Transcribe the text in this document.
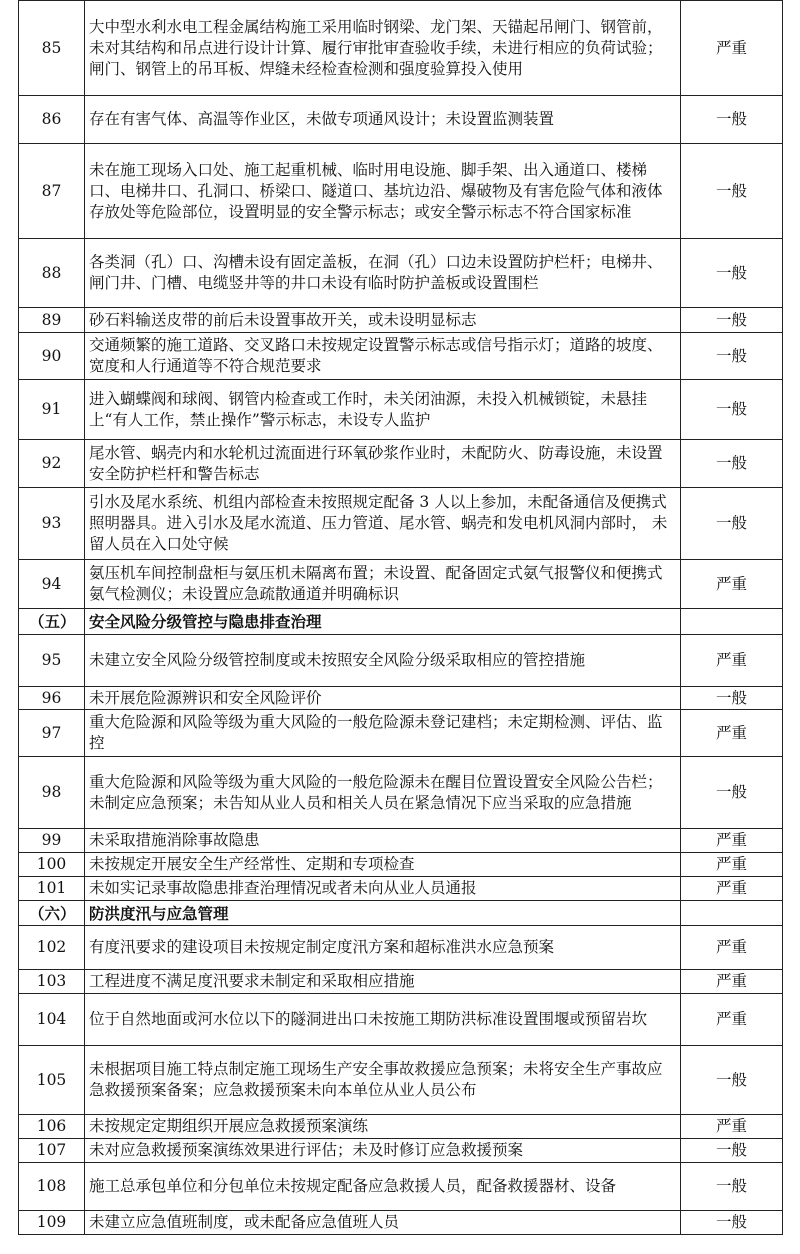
85	大中型水利水电工程金属结构施工采用临时钢梁、龙门架、天锚起吊闸门、钢管前，未对其结构和吊点进行设计计算、履行审批审查验收手续，未进行相应的负荷试验；闸门、钢管上的吊耳板、焊缝未经检查检测和强度验算投入使用	严重
86	存在有害气体、高温等作业区，未做专项通风设计；未设置监测装置	一般
87	未在施工现场入口处、施工起重机械、临时用电设施、脚手架、出入通道口、楼梯口、电梯井口、孔洞口、桥梁口、隧道口、基坑边沿、爆破物及有害危险气体和液体存放处等危险部位，设置明显的安全警示标志；或安全警示标志不符合国家标准	一般
88	各类洞（孔）口、沟槽未设有固定盖板，在洞（孔）口边未设置防护栏杆；电梯井、闸门井、门槽、电缆竖井等的井口未设有临时防护盖板或设置围栏	一般
89	砂石料输送皮带的前后未设置事故开关，或未设明显标志	一般
90	交通频繁的施工道路、交叉路口未按规定设置警示标志或信号指示灯；道路的坡度、宽度和人行通道等不符合规范要求	一般
91	进入蝴蝶阀和球阀、钢管内检查或工作时，未关闭油源，未投入机械锁锭，未悬挂上“有人工作，禁止操作”警示标志，未设专人监护	一般
92	尾水管、蜗壳内和水轮机过流面进行环氧砂浆作业时，未配防火、防毒设施，未设置安全防护栏杆和警告标志	一般
93	引水及尾水系统、机组内部检查未按照规定配备 3 人以上参加，未配备通信及便携式照明器具。进入引水及尾水流道、压力管道、尾水管、蜗壳和发电机风洞内部时， 未留人员在入口处守候	一般
94	氨压机车间控制盘柜与氨压机未隔离布置；未设置、配备固定式氨气报警仪和便携式氨气检测仪；未设置应急疏散通道并明确标识	严重
（五）	安全风险分级管控与隐患排查治理	
95	未建立安全风险分级管控制度或未按照安全风险分级采取相应的管控措施	严重
96	未开展危险源辨识和安全风险评价	一般
97	重大危险源和风险等级为重大风险的一般危险源未登记建档；未定期检测、评估、监控	严重
98	重大危险源和风险等级为重大风险的一般危险源未在醒目位置设置安全风险公告栏；未制定应急预案；未告知从业人员和相关人员在紧急情况下应当采取的应急措施	一般
99	未采取措施消除事故隐患	严重
100	未按规定开展安全生产经常性、定期和专项检查	严重
101	未如实记录事故隐患排查治理情况或者未向从业人员通报	严重
（六）	防洪度汛与应急管理	
102	有度汛要求的建设项目未按规定制定度汛方案和超标准洪水应急预案	严重
103	工程进度不满足度汛要求未制定和采取相应措施	严重
104	位于自然地面或河水位以下的隧洞进出口未按施工期防洪标准设置围堰或预留岩坎	严重
105	未根据项目施工特点制定施工现场生产安全事故救援应急预案；未将安全生产事故应急救援预案备案；应急救援预案未向本单位从业人员公布	一般
106	未按规定定期组织开展应急救援预案演练	严重
107	未对应急救援预案演练效果进行评估；未及时修订应急救援预案	一般
108	施工总承包单位和分包单位未按规定配备应急救援人员，配备救援器材、设备	一般
109	未建立应急值班制度，或未配备应急值班人员	一般
